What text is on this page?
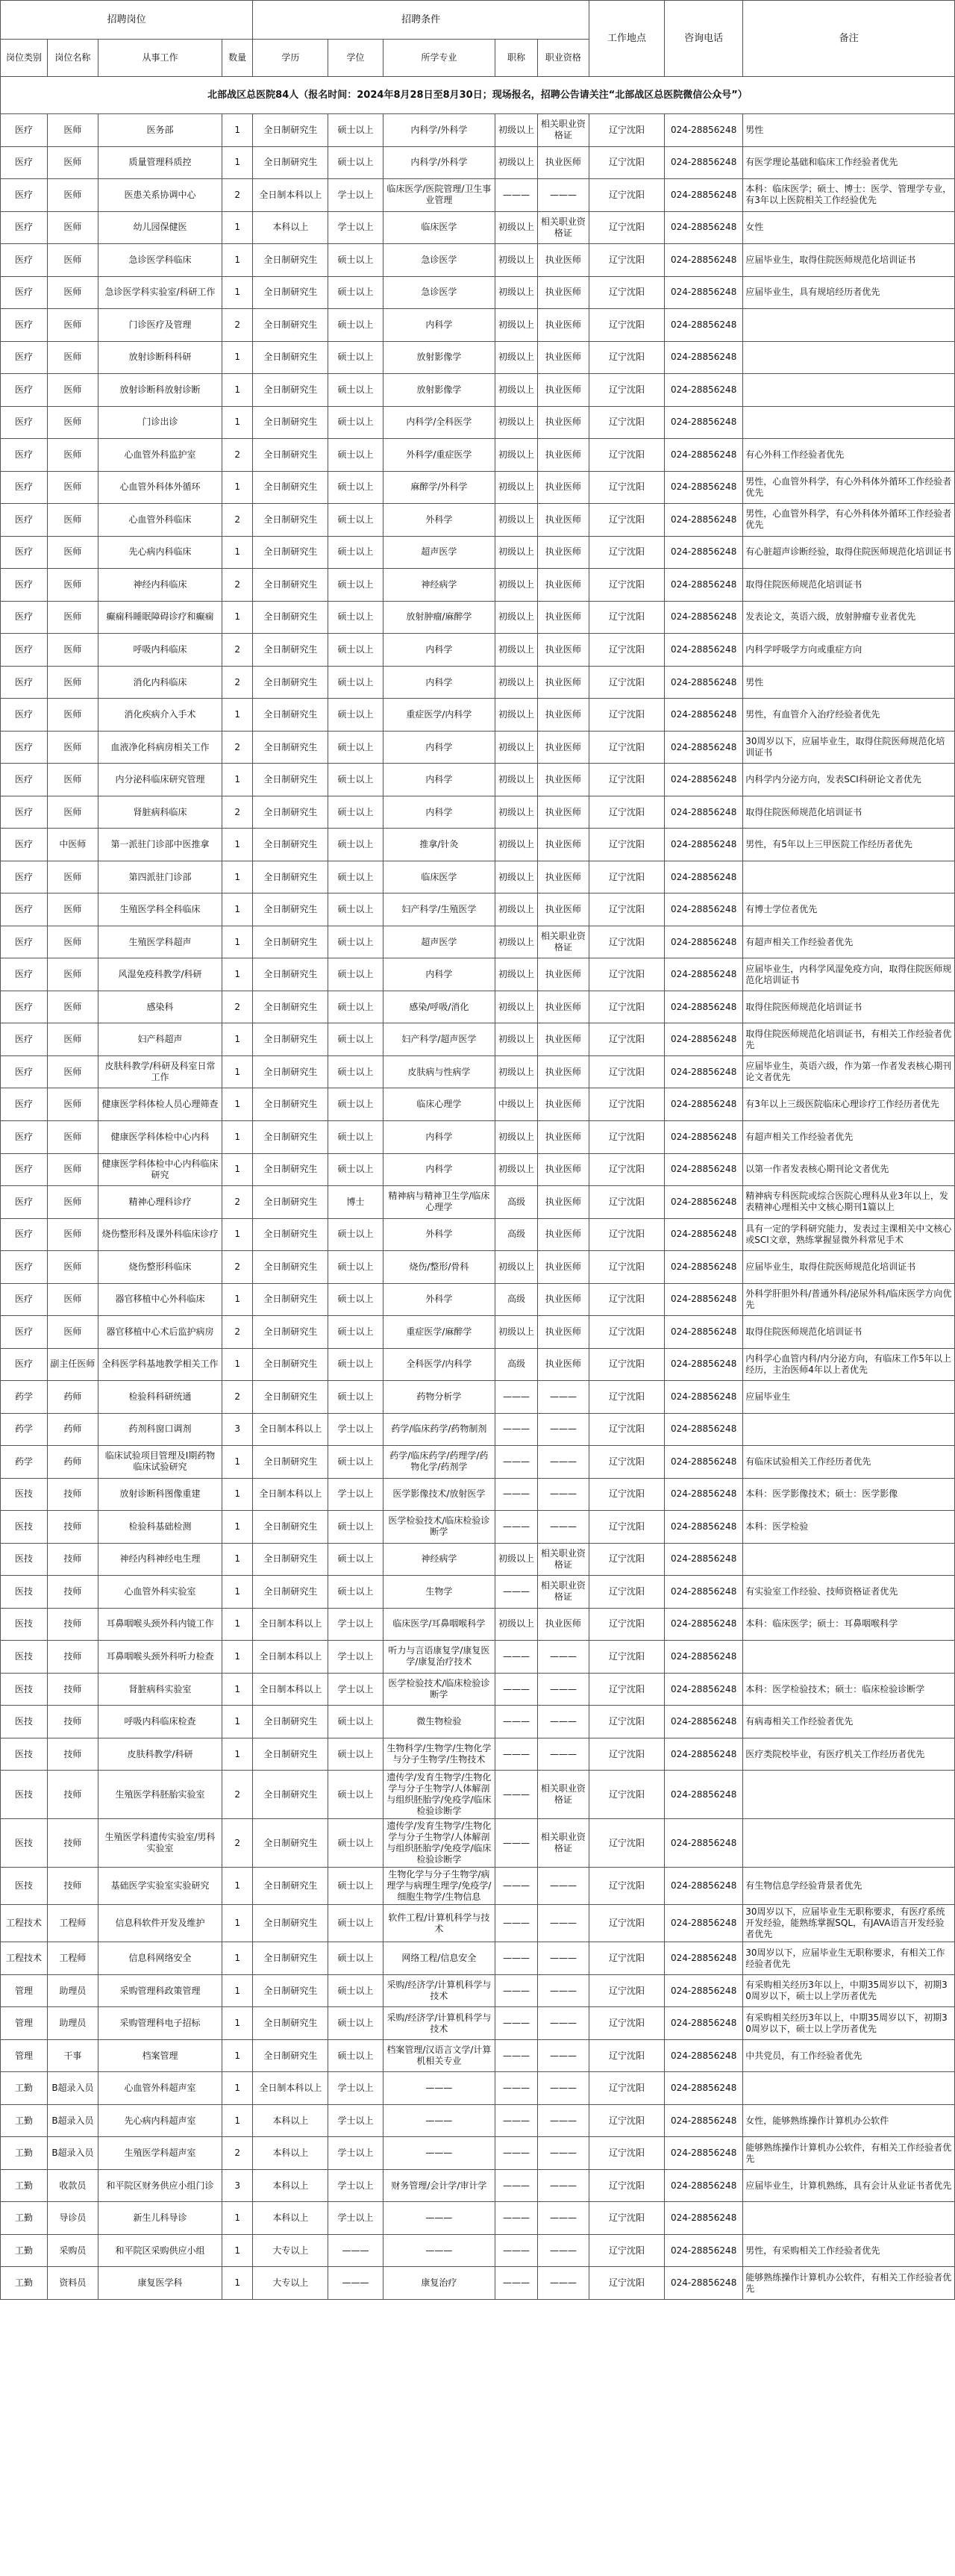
招聘岗位				招聘条件					工作地点	咨询电话	备注
岗位类别	岗位名称	从事工作	数量	学历	学位	所学专业	职称	职业资格			
北部战区总医院84人（报名时间：2024年8月28日至8月30日；现场报名，招聘公告请关注“北部战区总医院微信公众号”）											
医疗	医师	医务部	1	全日制研究生	硕士以上	内科学/外科学	初级以上	相关职业资格证	辽宁沈阳	024-28856248	男性
医疗	医师	质量管理科质控	1	全日制研究生	硕士以上	内科学/外科学	初级以上	执业医师	辽宁沈阳	024-28856248	有医学理论基础和临床工作经验者优先
医疗	医师	医患关系协调中心	2	全日制本科以上	学士以上	临床医学/医院管理/卫生事业管理	———	———	辽宁沈阳	024-28856248	本科：临床医学；硕士、博士：医学、管理学专业，有3年以上医院相关工作经验优先
医疗	医师	幼儿园保健医	1	本科以上	学士以上	临床医学	初级以上	相关职业资格证	辽宁沈阳	024-28856248	女性
医疗	医师	急诊医学科临床	1	全日制研究生	硕士以上	急诊医学	初级以上	执业医师	辽宁沈阳	024-28856248	应届毕业生，取得住院医师规范化培训证书
医疗	医师	急诊医学科实验室/科研工作	1	全日制研究生	硕士以上	急诊医学	初级以上	执业医师	辽宁沈阳	024-28856248	应届毕业生，具有规培经历者优先
医疗	医师	门诊医疗及管理	2	全日制研究生	硕士以上	内科学	初级以上	执业医师	辽宁沈阳	024-28856248	
医疗	医师	放射诊断科科研	1	全日制研究生	硕士以上	放射影像学	初级以上	执业医师	辽宁沈阳	024-28856248	
医疗	医师	放射诊断科放射诊断	1	全日制研究生	硕士以上	放射影像学	初级以上	执业医师	辽宁沈阳	024-28856248	
医疗	医师	门诊出诊	1	全日制研究生	硕士以上	内科学/全科医学	初级以上	执业医师	辽宁沈阳	024-28856248	
医疗	医师	心血管外科监护室	2	全日制研究生	硕士以上	外科学/重症医学	初级以上	执业医师	辽宁沈阳	024-28856248	有心外科工作经验者优先
医疗	医师	心血管外科体外循环	1	全日制研究生	硕士以上	麻醉学/外科学	初级以上	执业医师	辽宁沈阳	024-28856248	男性，心血管外科学，有心外科体外循环工作经验者优先
医疗	医师	心血管外科临床	2	全日制研究生	硕士以上	外科学	初级以上	执业医师	辽宁沈阳	024-28856248	男性，心血管外科学，有心外科体外循环工作经验者优先
医疗	医师	先心病内科临床	1	全日制研究生	硕士以上	超声医学	初级以上	执业医师	辽宁沈阳	024-28856248	有心脏超声诊断经验，取得住院医师规范化培训证书
医疗	医师	神经内科临床	2	全日制研究生	硕士以上	神经病学	初级以上	执业医师	辽宁沈阳	024-28856248	取得住院医师规范化培训证书
医疗	医师	癫痫科睡眠障碍诊疗和癫痫	1	全日制研究生	硕士以上	放射肿瘤/麻醉学	初级以上	执业医师	辽宁沈阳	024-28856248	发表论文，英语六级，放射肿瘤专业者优先
医疗	医师	呼吸内科临床	2	全日制研究生	硕士以上	内科学	初级以上	执业医师	辽宁沈阳	024-28856248	内科学呼吸学方向或重症方向
医疗	医师	消化内科临床	2	全日制研究生	硕士以上	内科学	初级以上	执业医师	辽宁沈阳	024-28856248	男性
医疗	医师	消化疾病介入手术	1	全日制研究生	硕士以上	重症医学/内科学	初级以上	执业医师	辽宁沈阳	024-28856248	男性，有血管介入治疗经验者优先
医疗	医师	血液净化科病房相关工作	2	全日制研究生	硕士以上	内科学	初级以上	执业医师	辽宁沈阳	024-28856248	30周岁以下，应届毕业生，取得住院医师规范化培训证书
医疗	医师	内分泌科临床研究管理	1	全日制研究生	硕士以上	内科学	初级以上	执业医师	辽宁沈阳	024-28856248	内科学内分泌方向，发表SCI科研论文者优先
医疗	医师	肾脏病科临床	2	全日制研究生	硕士以上	内科学	初级以上	执业医师	辽宁沈阳	024-28856248	取得住院医师规范化培训证书
医疗	中医师	第一派驻门诊部中医推拿	1	全日制研究生	硕士以上	推拿/针灸	初级以上	执业医师	辽宁沈阳	024-28856248	男性，有5年以上三甲医院工作经历者优先
医疗	医师	第四派驻门诊部	1	全日制研究生	硕士以上	临床医学	初级以上	执业医师	辽宁沈阳	024-28856248	
医疗	医师	生殖医学科全科临床	1	全日制研究生	硕士以上	妇产科学/生殖医学	初级以上	执业医师	辽宁沈阳	024-28856248	有博士学位者优先
医疗	医师	生殖医学科超声	1	全日制研究生	硕士以上	超声医学	初级以上	相关职业资格证	辽宁沈阳	024-28856248	有超声相关工作经验者优先
医疗	医师	风湿免疫科教学/科研	1	全日制研究生	硕士以上	内科学	初级以上	执业医师	辽宁沈阳	024-28856248	应届毕业生，内科学风湿免疫方向，取得住院医师规范化培训证书
医疗	医师	感染科	2	全日制研究生	硕士以上	感染/呼吸/消化	初级以上	执业医师	辽宁沈阳	024-28856248	取得住院医师规范化培训证书
医疗	医师	妇产科超声	1	全日制研究生	硕士以上	妇产科学/超声医学	初级以上	执业医师	辽宁沈阳	024-28856248	取得住院医师规范化培训证书，有相关工作经验者优先
医疗	医师	皮肤科教学/科研及科室日常工作	1	全日制研究生	硕士以上	皮肤病与性病学	初级以上	执业医师	辽宁沈阳	024-28856248	应届毕业生，英语六级，作为第一作者发表核心期刊论文者优先
医疗	医师	健康医学科体检人员心理筛查	1	全日制研究生	硕士以上	临床心理学	中级以上	执业医师	辽宁沈阳	024-28856248	有3年以上三级医院临床心理诊疗工作经历者优先
医疗	医师	健康医学科体检中心内科	1	全日制研究生	硕士以上	内科学	初级以上	执业医师	辽宁沈阳	024-28856248	有超声相关工作经验者优先
医疗	医师	健康医学科体检中心内科临床研究	1	全日制研究生	硕士以上	内科学	初级以上	执业医师	辽宁沈阳	024-28856248	以第一作者发表核心期刊论文者优先
医疗	医师	精神心理科诊疗	2	全日制研究生	博士	精神病与精神卫生学/临床心理学	高级	执业医师	辽宁沈阳	024-28856248	精神病专科医院或综合医院心理科从业3年以上，发表精神心理相关中文核心期刊1篇以上
医疗	医师	烧伤整形科及课外科临床诊疗	1	全日制研究生	硕士以上	外科学	高级	执业医师	辽宁沈阳	024-28856248	具有一定的学科研究能力，发表过主课相关中文核心或SCI文章，熟练掌握显微外科常见手术
医疗	医师	烧伤整形科临床	2	全日制研究生	硕士以上	烧伤/整形/骨科	初级以上	执业医师	辽宁沈阳	024-28856248	应届毕业生，取得住院医师规范化培训证书
医疗	医师	器官移植中心外科临床	1	全日制研究生	硕士以上	外科学	高级	执业医师	辽宁沈阳	024-28856248	外科学肝胆外科/普通外科/泌尿外科/临床医学方向优先
医疗	医师	器官移植中心术后监护病房	2	全日制研究生	硕士以上	重症医学/麻醉学	初级以上	执业医师	辽宁沈阳	024-28856248	取得住院医师规范化培训证书
医疗	副主任医师	全科医学科基地教学相关工作	1	全日制研究生	硕士以上	全科医学/内科学	高级	执业医师	辽宁沈阳	024-28856248	内科学心血管内科/内分泌方向，有临床工作5年以上经历，主治医师4年以上者优先
药学	药师	检验科科研统通	2	全日制研究生	硕士以上	药物分析学	———	———	辽宁沈阳	024-28856248	应届毕业生
药学	药师	药剂科窗口调剂	3	全日制本科以上	学士以上	药学/临床药学/药物制剂	———	———	辽宁沈阳	024-28856248	
药学	药师	临床试验项目管理及I期药物临床试验研究	1	全日制研究生	硕士以上	药学/临床药学/药理学/药物化学/药剂学	———	———	辽宁沈阳	024-28856248	有临床试验相关工作经历者优先
医技	技师	放射诊断科图像重建	1	全日制本科以上	学士以上	医学影像技术/放射医学	———	———	辽宁沈阳	024-28856248	本科：医学影像技术；硕士：医学影像
医技	技师	检验科基础检测	1	全日制研究生	硕士以上	医学检验技术/临床检验诊断学	———	———	辽宁沈阳	024-28856248	本科：医学检验
医技	技师	神经内科神经电生理	1	全日制研究生	硕士以上	神经病学	初级以上	相关职业资格证	辽宁沈阳	024-28856248	
医技	技师	心血管外科实验室	1	全日制研究生	硕士以上	生物学	———	相关职业资格证	辽宁沈阳	024-28856248	有实验室工作经验、技师资格证者优先
医技	技师	耳鼻咽喉头颈外科内镜工作	1	全日制本科以上	学士以上	临床医学/耳鼻咽喉科学	初级以上	执业医师	辽宁沈阳	024-28856248	本科：临床医学；硕士：耳鼻咽喉科学
医技	技师	耳鼻咽喉头颈外科听力检查	1	全日制本科以上	学士以上	听力与言语康复学/康复医学/康复治疗技术	———	———	辽宁沈阳	024-28856248	
医技	技师	肾脏病科实验室	1	全日制本科以上	学士以上	医学检验技术/临床检验诊断学	———	———	辽宁沈阳	024-28856248	本科：医学检验技术；硕士：临床检验诊断学
医技	技师	呼吸内科临床检查	1	全日制研究生	硕士以上	微生物检验	———	———	辽宁沈阳	024-28856248	有病毒相关工作经验者优先
医技	技师	皮肤科教学/科研	1	全日制研究生	硕士以上	生物科学/生物学/生物化学与分子生物学/生物技术	———	———	辽宁沈阳	024-28856248	医疗类院校毕业，有医疗机关工作经历者优先
医技	技师	生殖医学科胚胎实验室	2	全日制研究生	硕士以上	遗传学/发育生物学/生物化学与分子生物学/人体解剖与组织胚胎学/免疫学/临床检验诊断学	———	相关职业资格证	辽宁沈阳	024-28856248	
医技	技师	生殖医学科遗传实验室/男科实验室	2	全日制研究生	硕士以上	遗传学/发育生物学/生物化学与分子生物学/人体解剖与组织胚胎学/免疫学/临床检验诊断学	———	相关职业资格证	辽宁沈阳	024-28856248	
医技	技师	基础医学实验室实验研究	1	全日制研究生	硕士以上	生物化学与分子生物学/病理学与病理生理学/免疫学/细胞生物学/生物信息	———	———	辽宁沈阳	024-28856248	有生物信息学经验背景者优先
工程技术	工程师	信息科软件开发及维护	1	全日制研究生	硕士以上	软件工程/计算机科学与技术	———	———	辽宁沈阳	024-28856248	30周岁以下，应届毕业生无职称要求，有医疗系统开发经验，能熟练掌握SQL，有JAVA语言开发经验者优先
工程技术	工程师	信息科网络安全	1	全日制研究生	硕士以上	网络工程/信息安全	———	———	辽宁沈阳	024-28856248	30周岁以下，应届毕业生无职称要求，有相关工作经验者优先
管理	助理员	采购管理科政策管理	1	全日制研究生	硕士以上	采购/经济学/计算机科学与技术	———	———	辽宁沈阳	024-28856248	有采购相关经历3年以上，中期35周岁以下，初期30周岁以下，硕士以上学历者优先
管理	助理员	采购管理科电子招标	1	全日制研究生	硕士以上	采购/经济学/计算机科学与技术	———	———	辽宁沈阳	024-28856248	有采购相关经历3年以上，中期35周岁以下，初期30周岁以下，硕士以上学历者优先
管理	干事	档案管理	1	全日制研究生	硕士以上	档案管理/汉语言文学/计算机相关专业	———	———	辽宁沈阳	024-28856248	中共党员，有工作经验者优先
工勤	B超录入员	心血管外科超声室	1	全日制本科以上	学士以上	———	———	———	辽宁沈阳	024-28856248	
工勤	B超录入员	先心病内科超声室	1	本科以上	学士以上	———	———	———	辽宁沈阳	024-28856248	女性，能够熟练操作计算机办公软件
工勤	B超录入员	生殖医学科超声室	2	本科以上	学士以上	———	———	———	辽宁沈阳	024-28856248	能够熟练操作计算机办公软件，有相关工作经验者优先
工勤	收款员	和平院区财务供应小组门诊	3	本科以上	学士以上	财务管理/会计学/审计学	———	———	辽宁沈阳	024-28856248	应届毕业生，计算机熟练，具有会计从业证书者优先
工勤	导诊员	新生儿科导诊	1	本科以上	学士以上	———	———	———	辽宁沈阳	024-28856248	
工勤	采购员	和平院区采购供应小组	1	大专以上	———	———	———	———	辽宁沈阳	024-28856248	男性，有采购相关工作经验者优先
工勤	资料员	康复医学科	1	大专以上	———	康复治疗	———	———	辽宁沈阳	024-28856248	能够熟练操作计算机办公软件，有相关工作经验者优先
